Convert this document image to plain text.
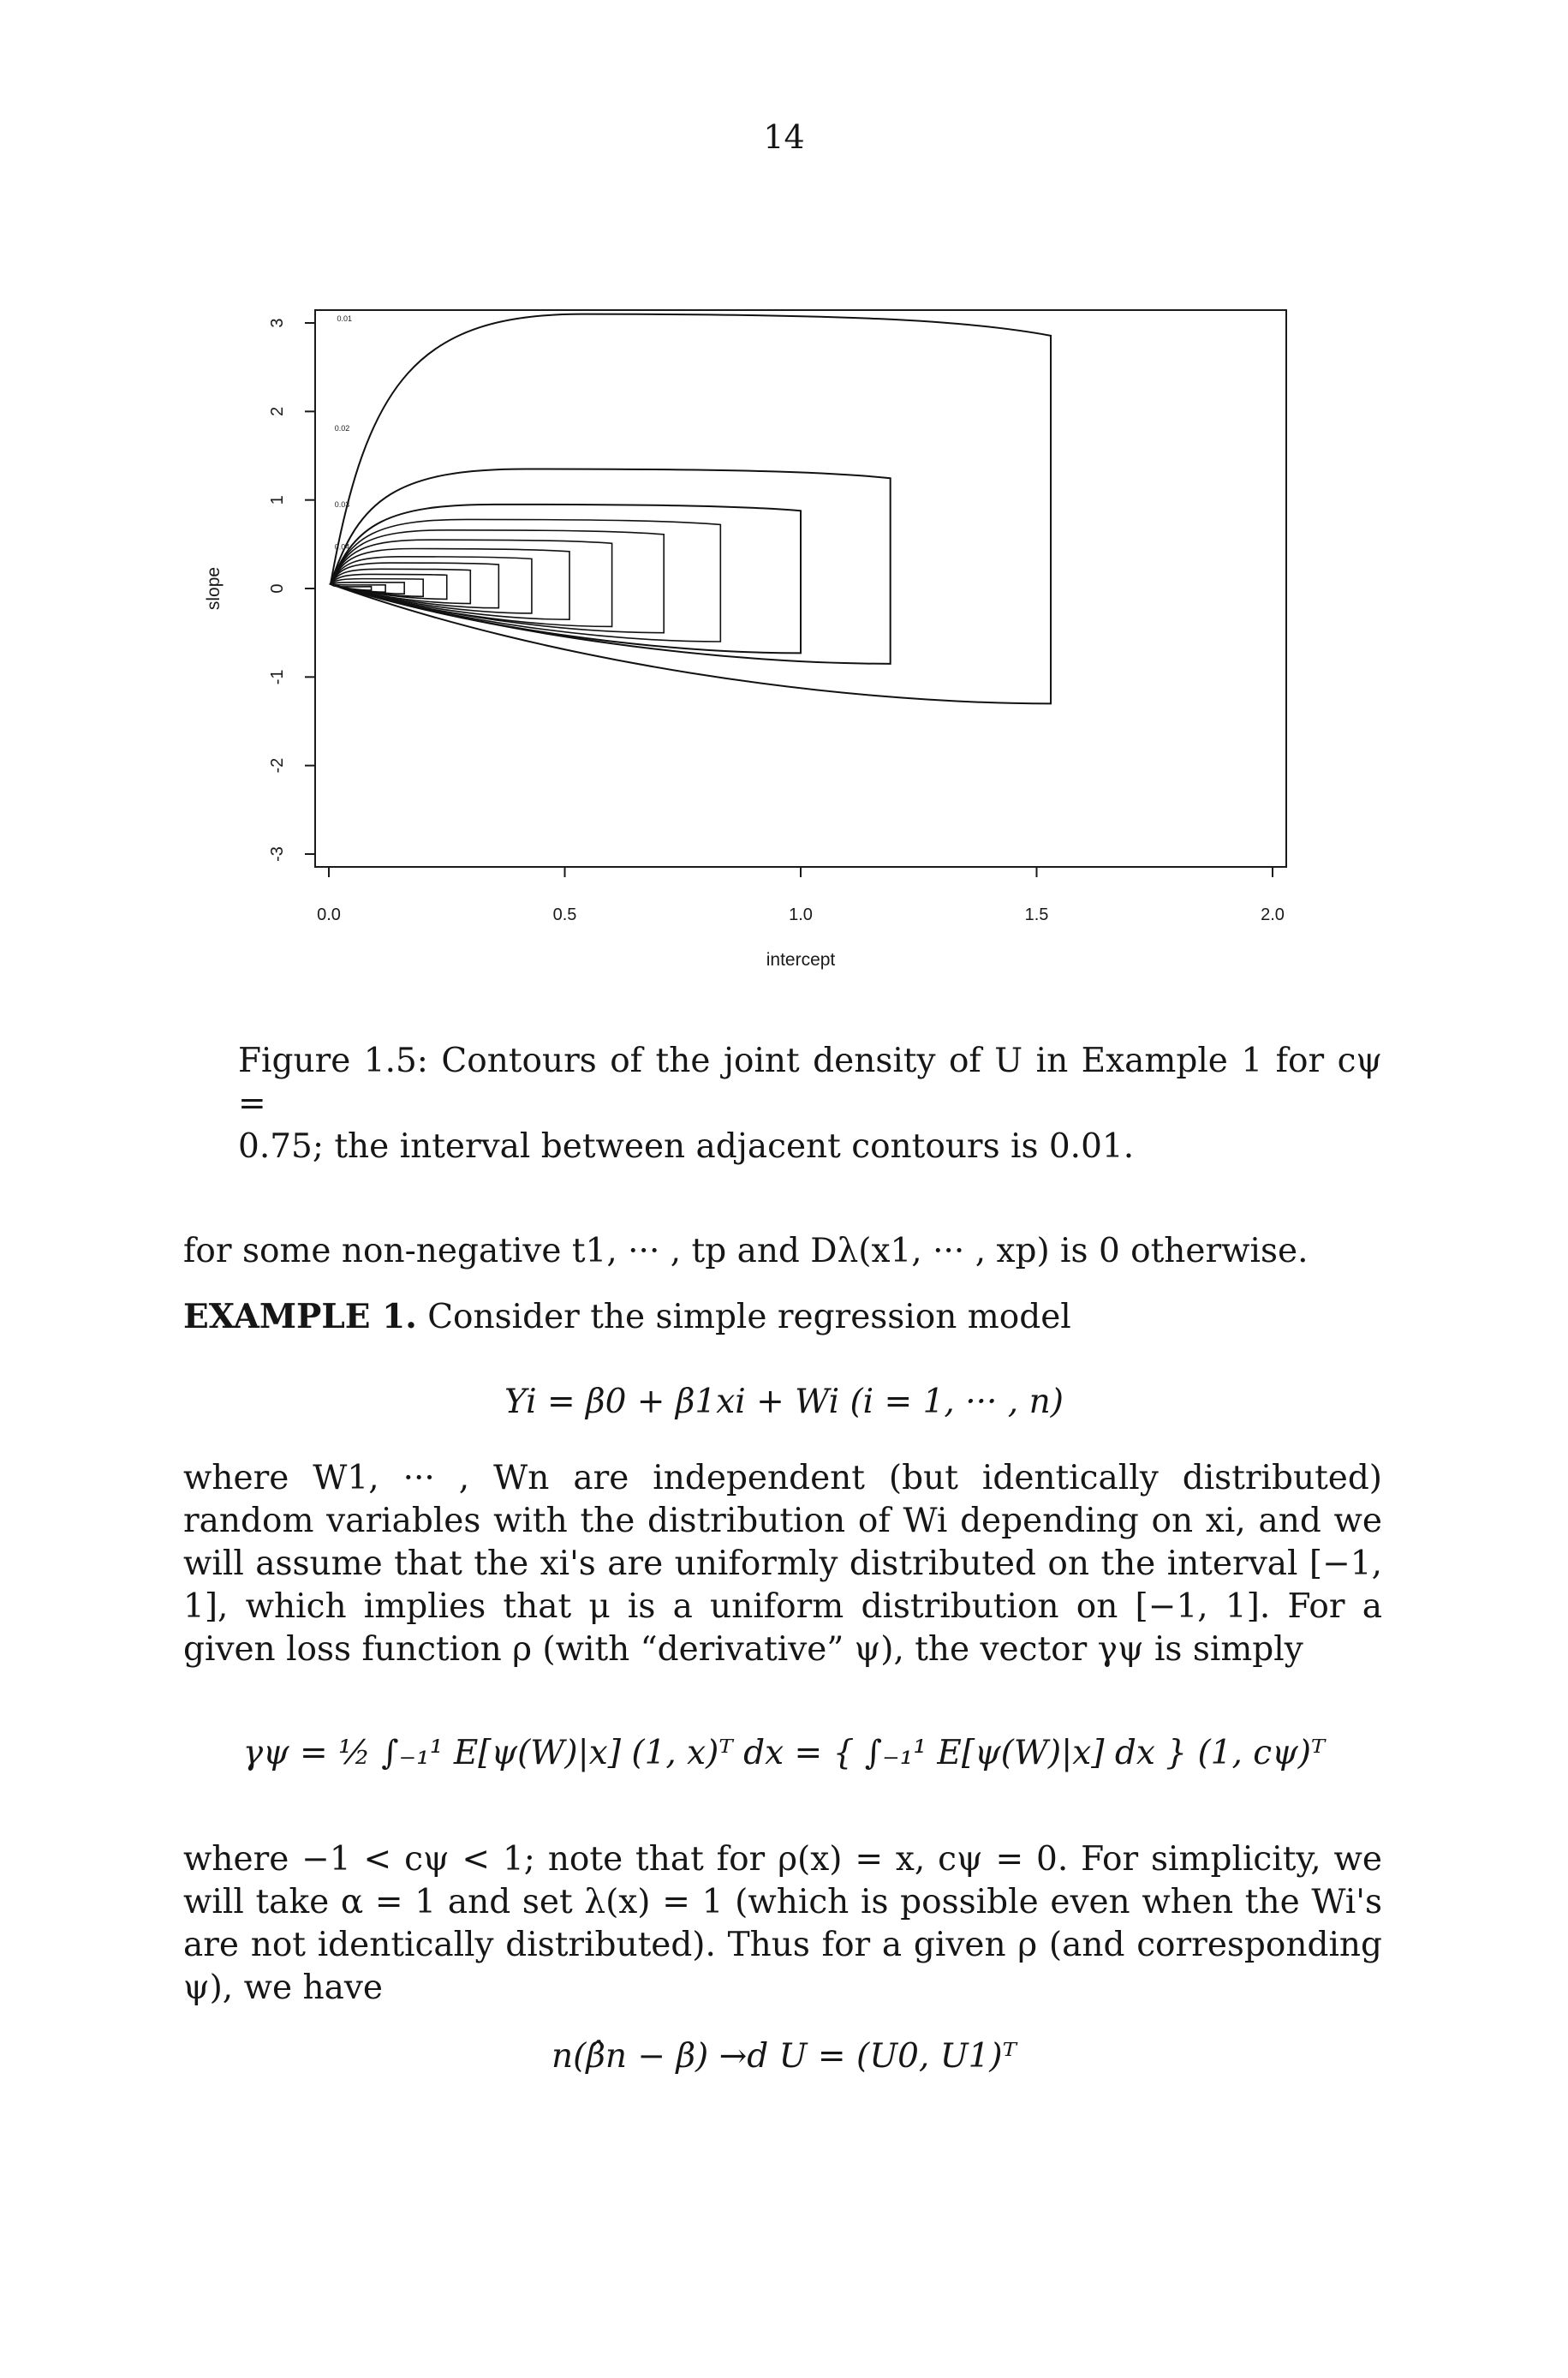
14
0.0	0.5	1.0	1.5	2.0
-3
-2
-1
0
1
2
3	0.01
0.02
0.03
0.04
intercept
slope
Figure 1.5: Contours of the joint density of U in Example 1 for cψ =
0.75; the interval between adjacent contours is 0.01.
for some non-negative t1, ··· , tp and Dλ(x1, ··· , xp) is 0 otherwise.
EXAMPLE 1. Consider the simple regression model
Yi = β0 + β1xi + Wi (i = 1, ··· , n)
where W1, ··· , Wn are independent (but identically distributed) random variables with the distribution of Wi depending on xi, and we will assume that the xi's are uniformly distributed on the interval [−1, 1], which implies that μ is a uniform distribution on [−1, 1]. For a given loss function ρ (with “derivative” ψ), the vector γψ is simply
γψ = ½ ∫₋₁¹ E[ψ(W)|x] (1, x)ᵀ dx = { ∫₋₁¹ E[ψ(W)|x] dx } (1, cψ)ᵀ
where −1 < cψ < 1; note that for ρ(x) = x, cψ = 0. For simplicity, we will take α = 1 and set λ(x) = 1 (which is possible even when the Wi's are not identically distributed). Thus for a given ρ (and corresponding ψ), we have
n(β̂n − β) →d U = (U0, U1)ᵀ
